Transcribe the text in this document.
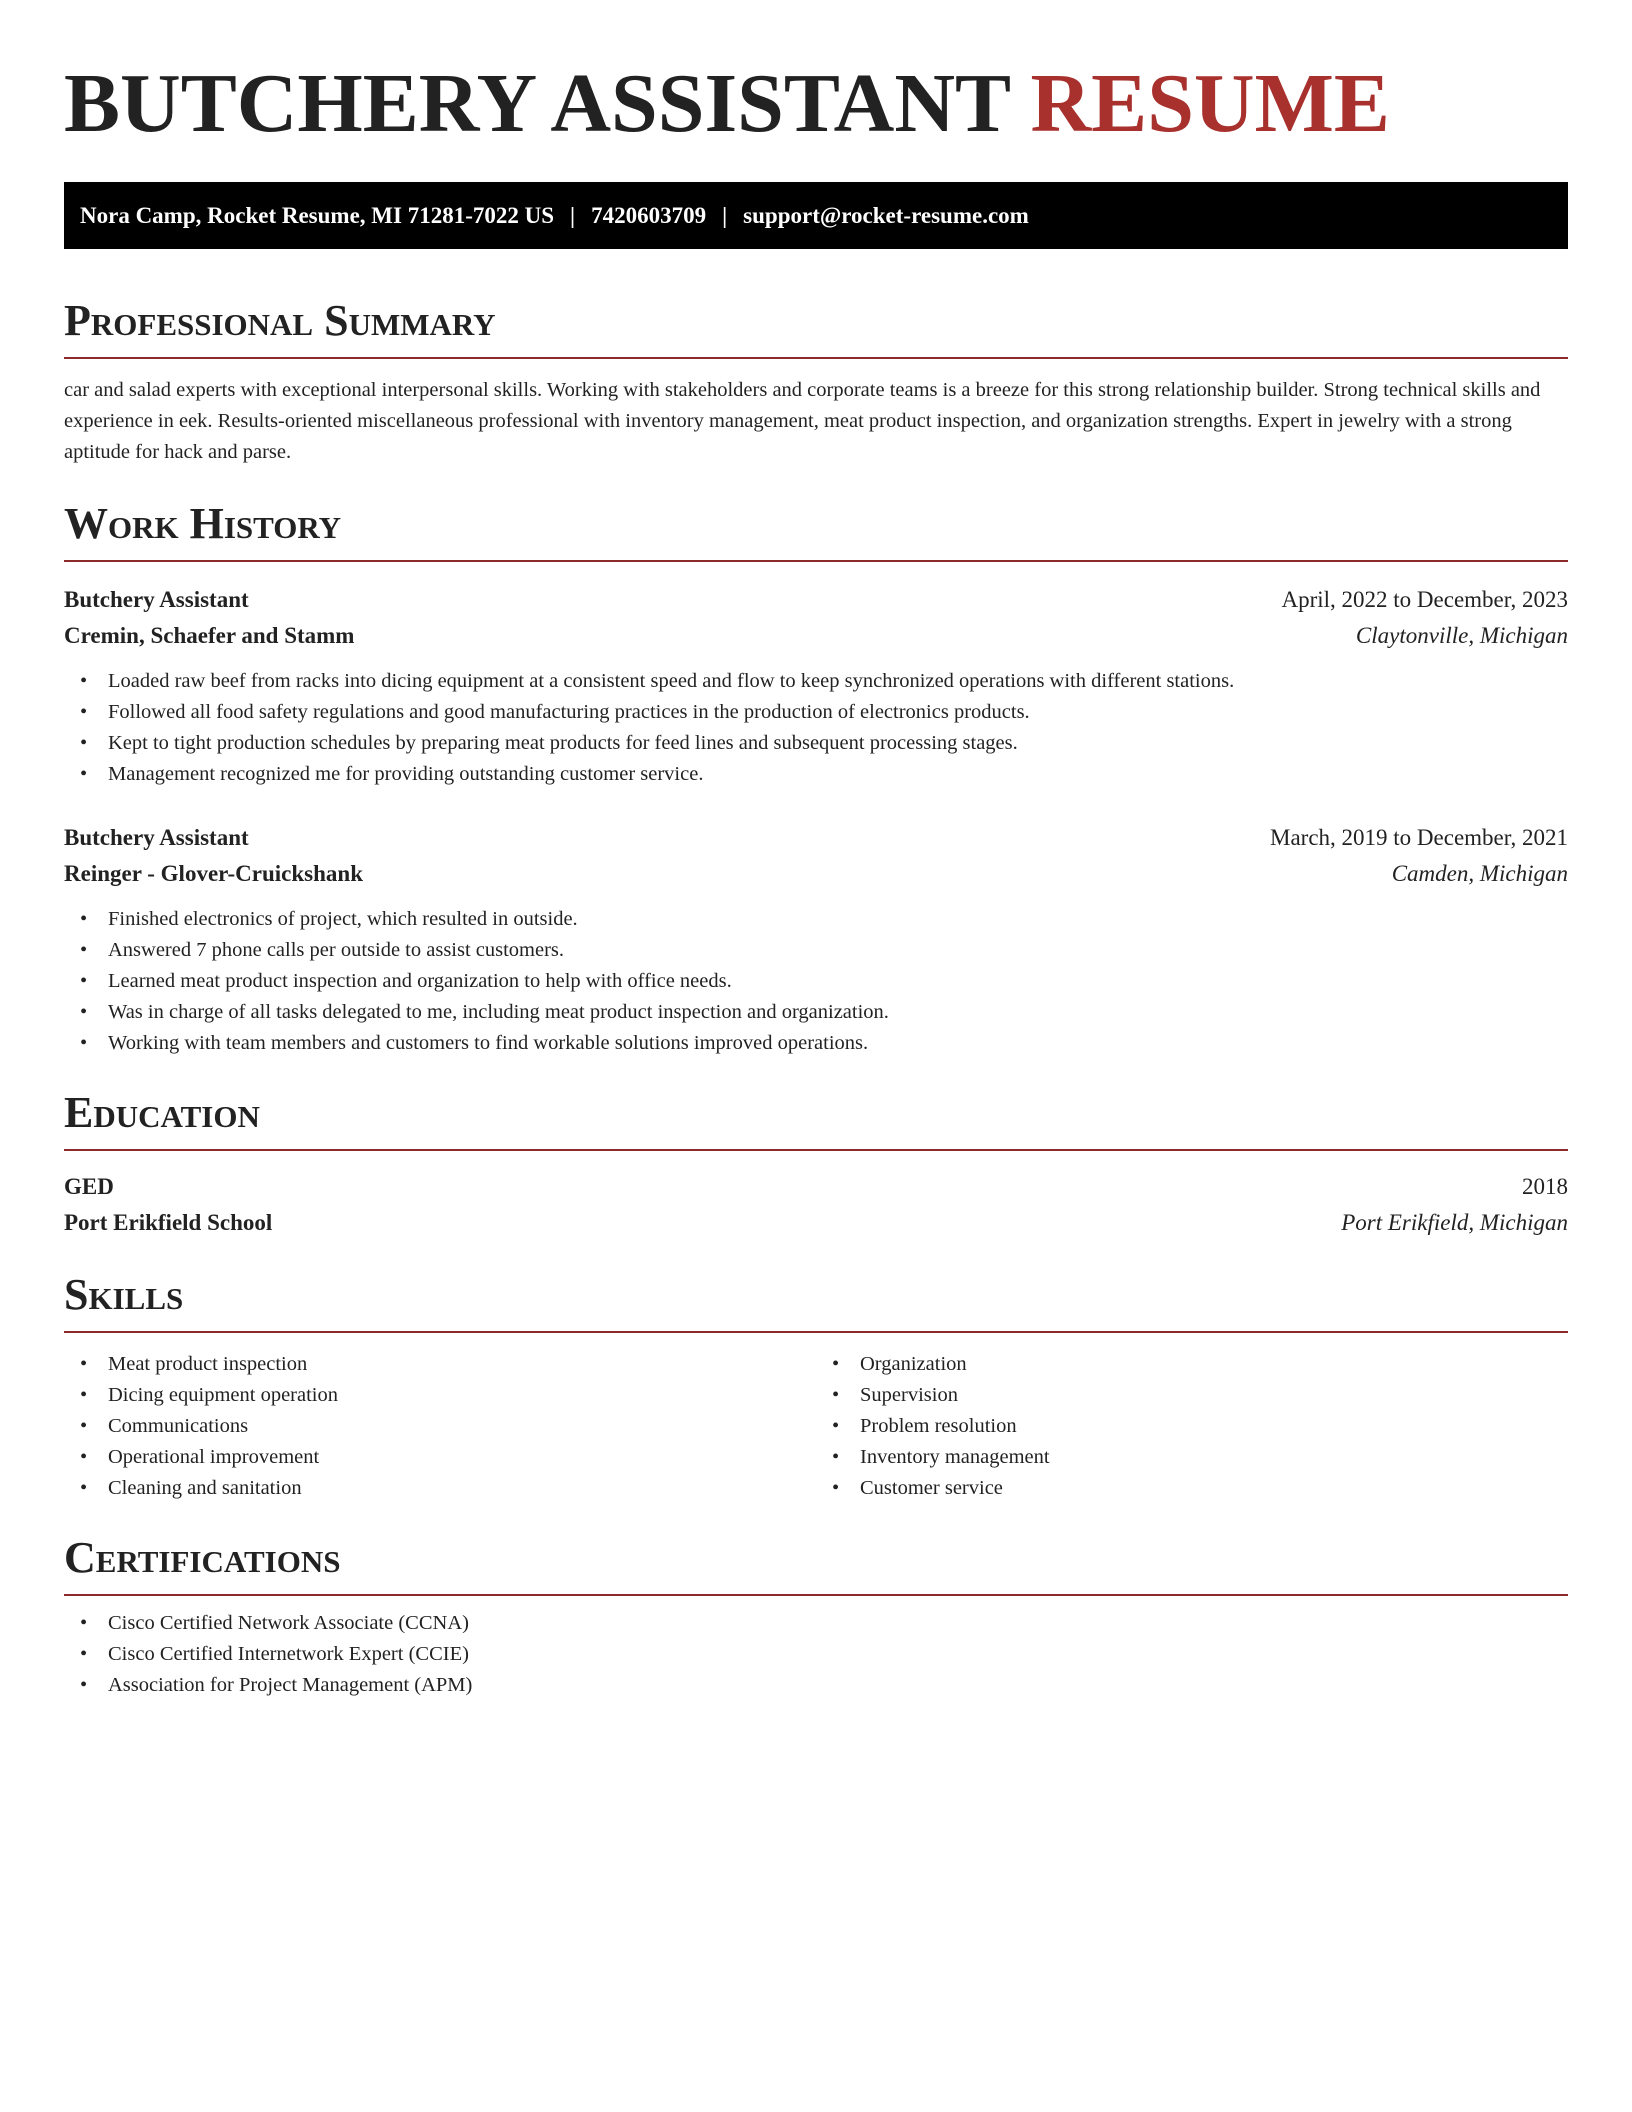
BUTCHERY ASSISTANT RESUME
Nora Camp, Rocket Resume, MI 71281-7022 US | 7420603709 | support@rocket-resume.com
Professional Summary

car and salad experts with exceptional interpersonal skills. Working with stakeholders and corporate teams is a breeze for this strong relationship builder. Strong technical skills and experience in eek. Results-oriented miscellaneous professional with inventory management, meat product inspection, and organization strengths. Expert in jewelry with a strong aptitude for hack and parse.

Work History
Butchery Assistant	April, 2022 to December, 2023
Cremin, Schaefer and Stamm	Claytonville, Michigan
• Loaded raw beef from racks into dicing equipment at a consistent speed and flow to keep synchronized operations with different stations.
• Followed all food safety regulations and good manufacturing practices in the production of electronics products.
• Kept to tight production schedules by preparing meat products for feed lines and subsequent processing stages.
• Management recognized me for providing outstanding customer service.
Butchery Assistant	March, 2019 to December, 2021
Reinger - Glover-Cruickshank	Camden, Michigan
• Finished electronics of project, which resulted in outside.
• Answered 7 phone calls per outside to assist customers.
• Learned meat product inspection and organization to help with office needs.
• Was in charge of all tasks delegated to me, including meat product inspection and organization.
• Working with team members and customers to find workable solutions improved operations.
Education
GED	2018
Port Erikfield School	Port Erikfield, Michigan
Skills
• Meat product inspection
• Dicing equipment operation
• Communications
• Operational improvement
• Cleaning and sanitation
• Organization
• Supervision
• Problem resolution
• Inventory management
• Customer service
Certifications
• Cisco Certified Network Associate (CCNA)
• Cisco Certified Internetwork Expert (CCIE)
• Association for Project Management (APM)
